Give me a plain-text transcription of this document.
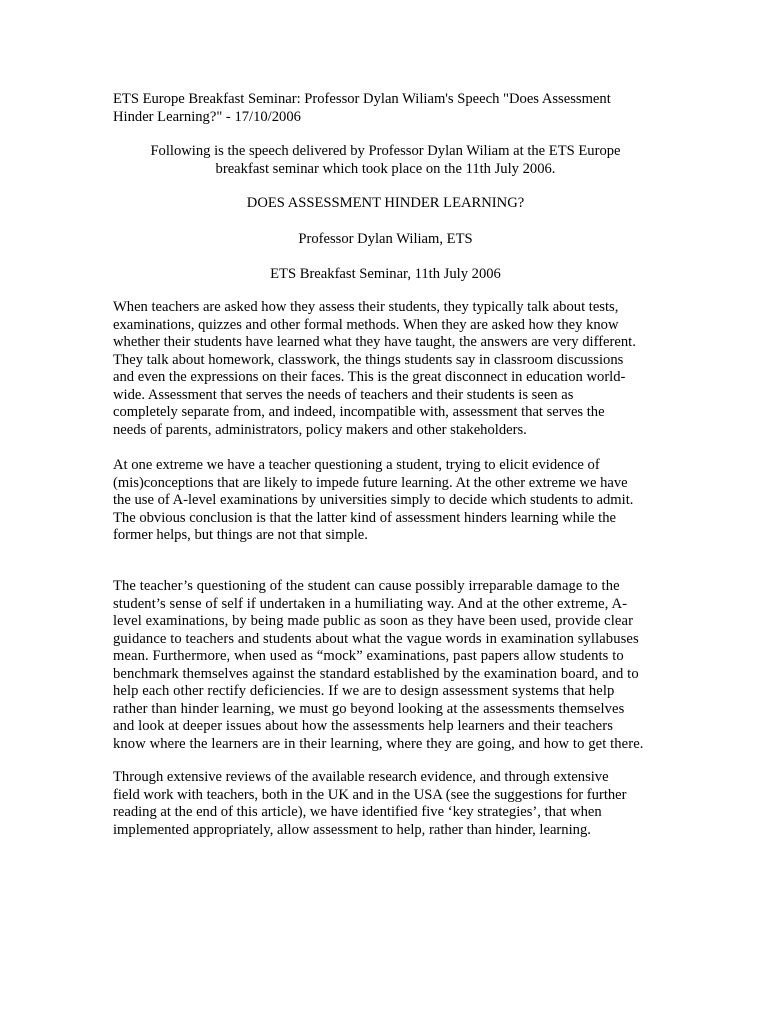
ETS Europe Breakfast Seminar: Professor Dylan Wiliam's Speech "Does Assessment
Hinder Learning?" - 17/10/2006
Following is the speech delivered by Professor Dylan Wiliam at the ETS Europe
breakfast seminar which took place on the 11th July 2006.
DOES ASSESSMENT HINDER LEARNING?
Professor Dylan Wiliam, ETS
ETS Breakfast Seminar, 11th July 2006
When teachers are asked how they assess their students, they typically talk about tests,
examinations, quizzes and other formal methods. When they are asked how they know
whether their students have learned what they have taught, the answers are very different.
They talk about homework, classwork, the things students say in classroom discussions
and even the expressions on their faces. This is the great disconnect in education world-
wide. Assessment that serves the needs of teachers and their students is seen as
completely separate from, and indeed, incompatible with, assessment that serves the
needs of parents, administrators, policy makers and other stakeholders.
At one extreme we have a teacher questioning a student, trying to elicit evidence of
(mis)conceptions that are likely to impede future learning. At the other extreme we have
the use of A-level examinations by universities simply to decide which students to admit.
The obvious conclusion is that the latter kind of assessment hinders learning while the
former helps, but things are not that simple.
The teacher’s questioning of the student can cause possibly irreparable damage to the
student’s sense of self if undertaken in a humiliating way. And at the other extreme, A-
level examinations, by being made public as soon as they have been used, provide clear
guidance to teachers and students about what the vague words in examination syllabuses
mean. Furthermore, when used as “mock” examinations, past papers allow students to
benchmark themselves against the standard established by the examination board, and to
help each other rectify deficiencies. If we are to design assessment systems that help
rather than hinder learning, we must go beyond looking at the assessments themselves
and look at deeper issues about how the assessments help learners and their teachers
know where the learners are in their learning, where they are going, and how to get there.
Through extensive reviews of the available research evidence, and through extensive
field work with teachers, both in the UK and in the USA (see the suggestions for further
reading at the end of this article), we have identified five ‘key strategies’, that when
implemented appropriately, allow assessment to help, rather than hinder, learning.
